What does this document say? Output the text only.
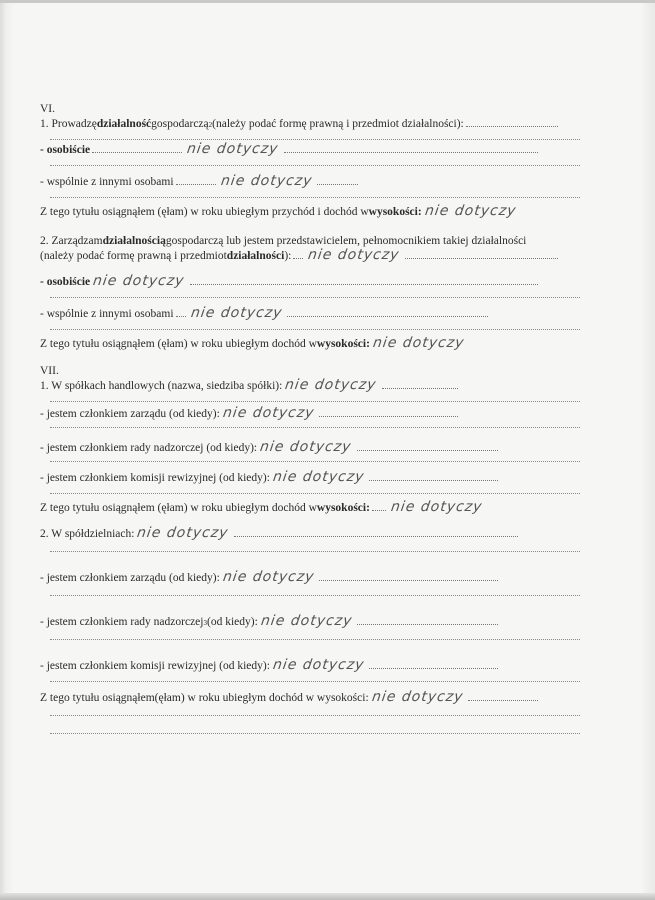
VI.
1. Prowadzę działalność gospodarczą 2 (należy podać formę prawną i przedmiot działalności):
- osobiście	nie dotyczy
- wspólnie z innymi osobami	nie dotyczy
Z tego tytułu osiągnąłem (ęłam) w roku ubiegłym przychód i dochód w wysokości: nie dotyczy
2. Zarządzam działalnością gospodarczą lub jestem przedstawicielem, pełnomocnikiem takiej działalności
(należy podać formę prawną i przedmiot działalności ): nie dotyczy
- osobiście nie dotyczy
- wspólnie z innymi osobami nie dotyczy
Z tego tytułu osiągnąłem (ęłam) w roku ubiegłym dochód w wysokości: nie dotyczy
VII.
1. W spółkach handlowych (nazwa, siedziba spółki): nie dotyczy
- jestem członkiem zarządu (od kiedy): nie dotyczy
- jestem członkiem rady nadzorczej (od kiedy): nie dotyczy
- jestem członkiem komisji rewizyjnej (od kiedy): nie dotyczy
Z tego tytułu osiągnąłem (ęłam) w roku ubiegłym dochód w wysokości: nie dotyczy
2. W spółdzielniach: nie dotyczy
- jestem członkiem zarządu (od kiedy): nie dotyczy
- jestem członkiem rady nadzorczej 3 (od kiedy): nie dotyczy
- jestem członkiem komisji rewizyjnej (od kiedy): nie dotyczy
Z tego tytułu osiągnąłem(ęłam) w roku ubiegłym dochód w wysokości: nie dotyczy
